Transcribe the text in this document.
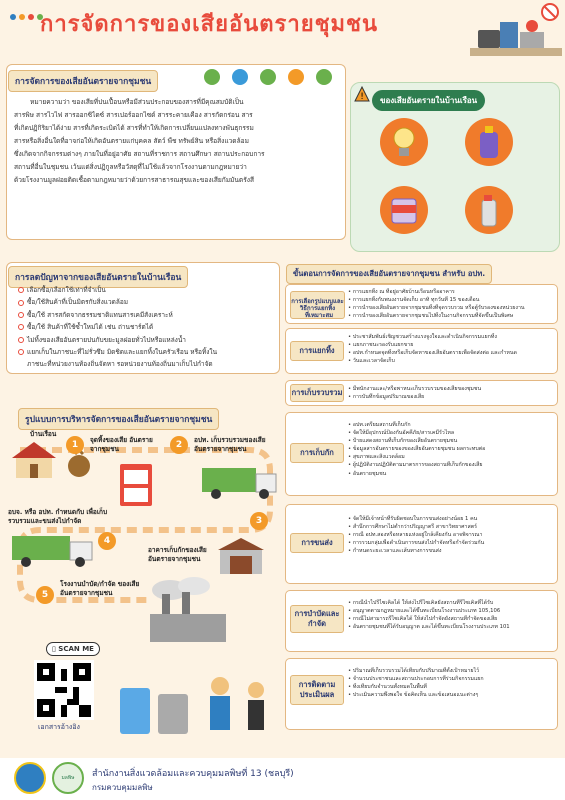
การจัดการของเสียอันตรายชุมชน
การจัดการของเสียอันตรายจากชุมชน
หมายความว่า ของเสียที่ปนเปื้อนหรือมีส่วนประกอบของสารที่มีคุณสมบัติเป็น
สารพิษ สารไวไฟ สารออกซิไดซ์ สารเปอร์ออกไซด์ สารระคายเคือง สารกัดกร่อน สาร
ที่เกิดปฏิกิริยาได้ง่าย สารที่เกิดระเบิดได้ สารที่ทำให้เกิดการเปลี่ยนแปลงทางพันธุกรรม
สารหรือสิ่งอื่นใดที่อาจก่อให้เกิดอันตรายแก่บุคคล สัตว์ พืช ทรัพย์สิน หรือสิ่งแวดล้อม
ซึ่งเกิดจากกิจกรรมต่างๆ ภายในที่อยู่อาศัย สถานที่ราชการ สถานศึกษา สถานประกอบการ
สถานที่อื่นในชุมชน เว้นแต่สิ่งปฏิกูลหรือวัสดุที่ไม่ใช้แล้วจากโรงงานตามกฎหมายว่า
ด้วยโรงงานมูลฝอยติดเชื้อตามกฎหมายว่าด้วยการสาธารณสุขและของเสียกัมมันตรังสี
ของเสียอันตรายในบ้านเรือน
!
การลดปัญหาจากของเสียอันตรายในบ้านเรือน
เลือกซื้อ/เลือกใช้เท่าที่จำเป็น
ซื้อ/ใช้สินค้าที่เป็นมิตรกับสิ่งแวดล้อม
ซื้อ/ใช้ สารสกัดจากธรรมชาติแทนสารเคมีสังเคราะห์
ซื้อ/ใช้ สินค้าที่ใช้ซ้ำใหม่ได้ เช่น ถ่านชาร์ตได้
ไม่ทิ้งของเสียอันตรายปนกับขยะมูลฝอยทั่วไปหรือแหล่งน้ำ
แยกเก็บในภาชนะที่ไม่รั่วซึม มิดชิดและแยกทิ้งในครัวเรือน หรือทิ้งใน
ภาชนะที่หน่วยงานท้องถิ่นจัดหา รอหน่วยงานท้องถิ่นมาเก็บไปกำจัด
ขั้นตอนการจัดการของเสียอันตรายจากชุมชน สำหรับ อปท.
การเลือกรูปแบบและวิธีการแยกทิ้ง
• การแยกทิ้ง ณ ที่อยู่อาศัยบ้านเรือนหรืออาคาร
• การแยกทิ้งกับพนงงานจัดเก็บ อาทิ ทุกวันที่ 15 ของเดือน
• การนำของเสียอันตรายจากชุมชนทิ้งที่จุดรวบรวม หรือตู้รับรองของหน่วยงาน
• การนำของเสียอันตรายจากชุมชนไปทิ้งในงานกิจกรรมที่จัดขึ้นเป็นพิเศษ
ที่เหมาะสม
การแยกทิ้ง
• ประชาสัมพันธ์เชิญชวนสร้างแรงจูงใจและดำเนินกิจกรรมแยกทิ้ง
• แยกภาชนะรองรับแยกขาย
• อปท.กำหนดจุดทิ้งหรือเก็บจัดหาของเสียอันตรายเพื่อจัดส่งต่อ และกำหนด
• วันและเวลาจัดเก็บ
การเก็บรวบรวม
•	มีพนักงานและ/หรือพาหนะเก็บรวบรวมของเสียของชุมชน
• การบันทึกข้อมูลปริมาณของเสีย
การเก็บกัก
• อปท.เตรียมสถานที่เก็บกัก
• จัดให้มีอุปกรณ์ป้องกันอัคคีภัย/สารเคมีรั่วไหล
• ป้ายแสดงสถานที่เก็บกักของเสียอันตรายชุมชน
• ข้อมูลสารอันตรายของของเสียอันตรายชุมชน ผลกระทบต่อ
• สุขภาพและสิ่งแวดล้อม
• ผู้ปฏิบัติงานปฏิบัติตามมาตรการของสถานที่เก็บกักของเสีย
• อันตรายชุมชน
การขนส่ง
• จัดให้มีเจ้าหน้าที่รับผิดชอบในการขนส่งอย่างน้อย 1 คน
• สำนึกการศึกษาไม่ต่ำกว่าปริญญาตรี สาขาวิทยาศาสตร์
• กรณี อปท.สองหรือหลายแห่งอยู่ใกล้เคียงกัน อาจพิจารณา
• การรวมกลุ่มเพื่อดำเนินการขนส่งไปกำจัดหรือกำจัดร่วมกัน
• กำหนดระยะเวลาและเส้นทางการขนส่ง
การบำบัดและกำจัด
• กรณีนำไปรีไซเคิลได้ ให้ส่งไปรีไซเคิลยังสถานที่รีไซเคิลที่ได้รับ
• อนุญาตตามกฎหมายและได้ขึ้นทะเบียนโรงงานประเภท 105,106
• กรณีไม่สามารถรีไซเคิลได้ ให้ส่งไปกำจัดยังสถานที่กำจัดของเสีย
• อันตรายชุมชนที่ได้รับอนุญาต และได้ขึ้นทะเบียนโรงงานประเภท 101
การติดตามประเมินผล
• ปริมาณที่เก็บรวบรวมได้เทียบกับปริมาณที่ตั้งเป้าหมายไว้
• จำนวนประชาชนและสถานประกอบการที่ร่วมกิจกรรมแยก
• ทิ้งเทียบกับจำนวนทั้งหมดในพื้นที่
• ประเมินความพึงพอใจ ข้อคิดเห็น และข้อเสนอแนะต่างๆ
รูปแบบการบริหารจัดการของเสียอันตรายจากชุมชน
บ้านเรือน
1	จุดทิ้งของเสีย อันตรายจากชุมชน	2	อปท. เก็บรวบรวมของเสีย อันตรายจากชุมชน
3
อาคารเก็บกักของเสีย อันตรายจากชุมชน
4
อบจ. หรือ อปท. กำหนดกับ เพื่อเก็บรวบรวมและขนส่งไปกำจัด
5
โรงงานบำบัด/กำจัด ของเสียอันตรายจากชุมชน
▯ SCAN ME
เอกสารอ้างอิง
มลพิษ	สำนักงานสิ่งแวดล้อมและควบคุมมลพิษที่ 13 (ชลบุรี)
กรมควบคุมมลพิษ
